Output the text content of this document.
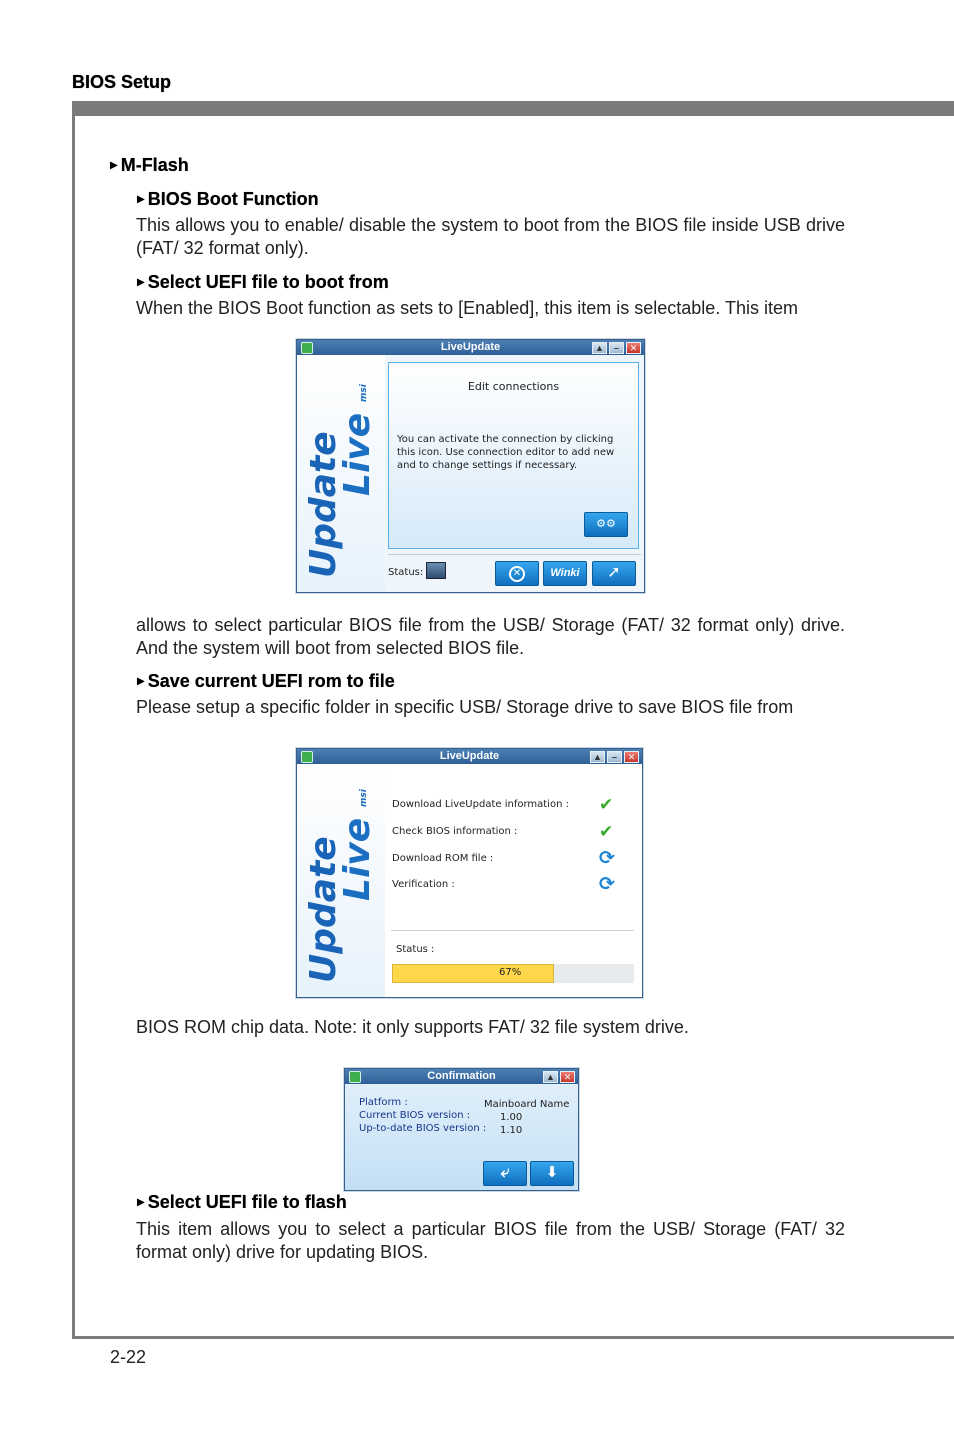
BIOS Setup
2-22
▶ M-Flash
▶ BIOS Boot Function
This allows you to enable/ disable the system to boot from the BIOS file inside USB drive (FAT/ 32 format only).
▶ Select UEFI file to boot from
When the BIOS Boot function as sets to [Enabled], this item is selectable. This item
LiveUpdate	▲	–	✕
Update
Live
msi	Edit connections
You can activate the connection by clicking this icon. Use connection editor to add new and to change settings if necessary.
⚙⚙
Status:	✕	Winki	➚
allows to select particular BIOS file from the USB/ Storage (FAT/ 32 format only) drive. And the system will boot from selected BIOS file.
▶ Save current UEFI rom to file
Please setup a specific folder in specific USB/ Storage drive to save BIOS file from
LiveUpdate	▲	–	✕
Update
Live
msi Download LiveUpdate information : ✔
Check BIOS information :	✔
Download ROM file :	⟳
Verification :	⟳
Status :
67%
BIOS ROM chip data. Note: it only supports FAT/ 32 file system drive.
Confirmation	▲ ✕
Platform :	Mainboard Name
Current BIOS version :	1.00
Up-to-date BIOS version : 1.10
⤶	⬇
▶ Select UEFI file to flash
This item allows you to select a particular BIOS file from the USB/ Storage (FAT/ 32 format only) drive for updating BIOS.
